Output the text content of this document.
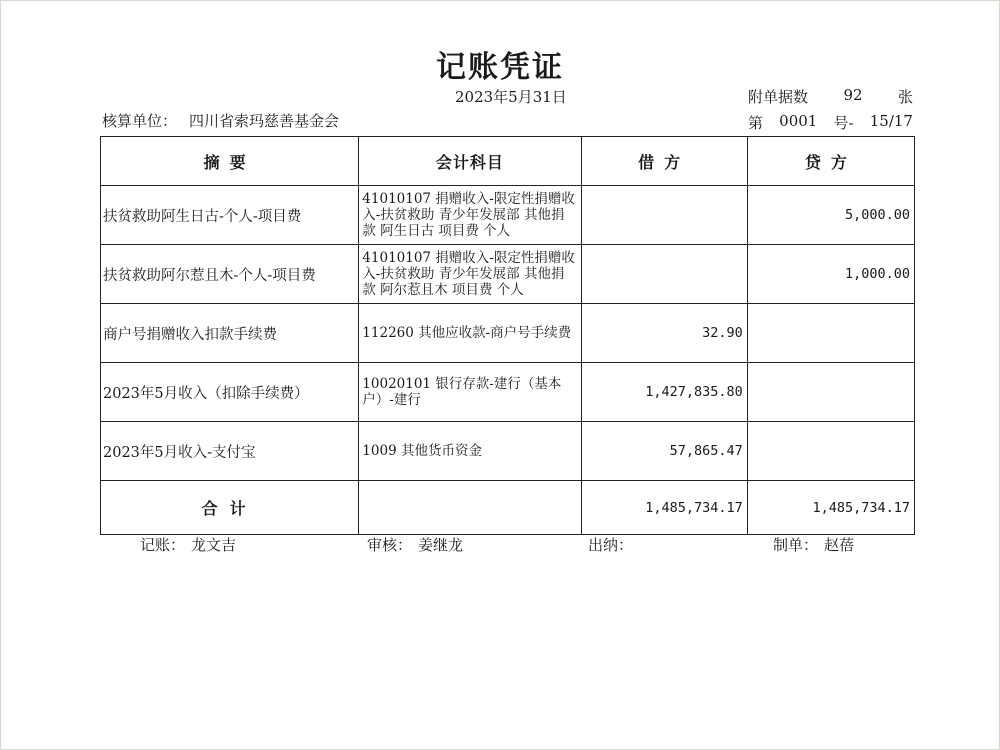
记账凭证
2023年5月31日	附单据数 92 张
核算单位： 四川省索玛慈善基金会	第 0001 号- 15/17
摘要	会计科目	借方	贷方
扶贫救助阿生日古-个人-项目费	41010107 捐赠收入-限定性捐赠收入-扶贫救助 青少年发展部 其他捐款 阿生日古 项目费 个人		5,000.00
扶贫救助阿尔惹且木-个人-项目费	41010107 捐赠收入-限定性捐赠收入-扶贫救助 青少年发展部 其他捐款 阿尔惹且木 项目费 个人		1,000.00
商户号捐赠收入扣款手续费	112260 其他应收款-商户号手续费	32.90	
2023年5月收入（扣除手续费）	10020101 银行存款-建行（基本户）-建行	1,427,835.80	
2023年5月收入-支付宝	1009 其他货币资金	57,865.47	
合计		1,485,734.17	1,485,734.17
记账： 龙文吉	审核： 姜继龙	出纳：	制单： 赵蓓
